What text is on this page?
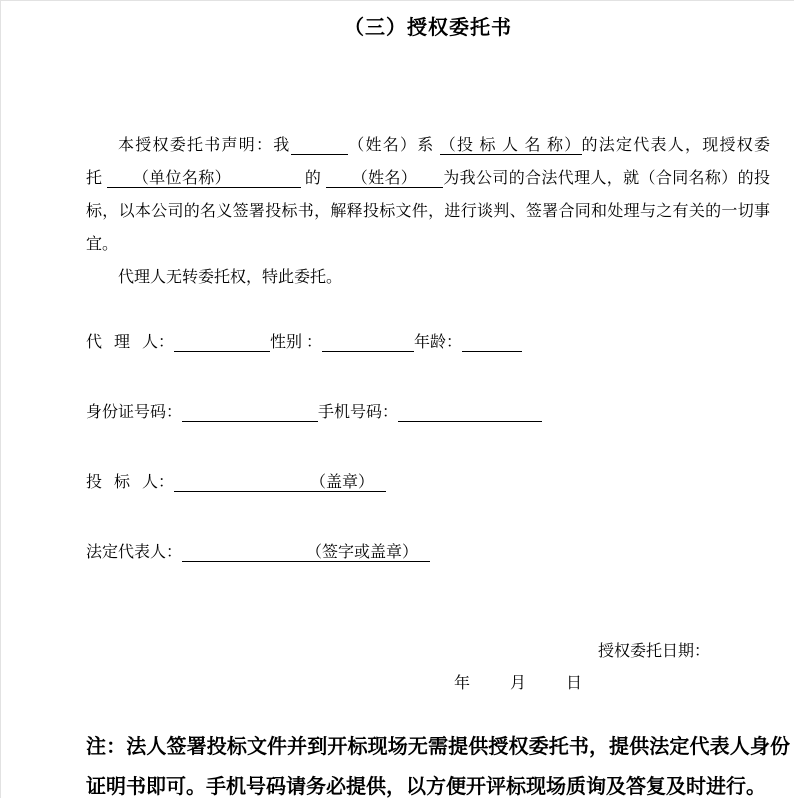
（三）授权委托书

本授权委托书声明：我	（姓名）系 （投 标 人 名 称）的法定代表人，现授权委托       （单位名称）                 的       （姓名）      为我公司的合法代理人，就（合同名称）的投标，以本公司的名义签署投标书，解释投标文件，进行谈判、签署合同和处理与之有关的一切事宜。

代理人无转委托权，特此委托。

代   理   人：	性别 ：	年龄：
身份证号码：	手机号码：
投   标   人：	（盖章）
法定代表人：	（签字或盖章）
授权委托日期：
年          月          日

注：法人签署投标文件并到开标现场无需提供授权委托书，提供法定代表人身份证明书即可。手机号码请务必提供，以方便开评标现场质询及答复及时进行。
